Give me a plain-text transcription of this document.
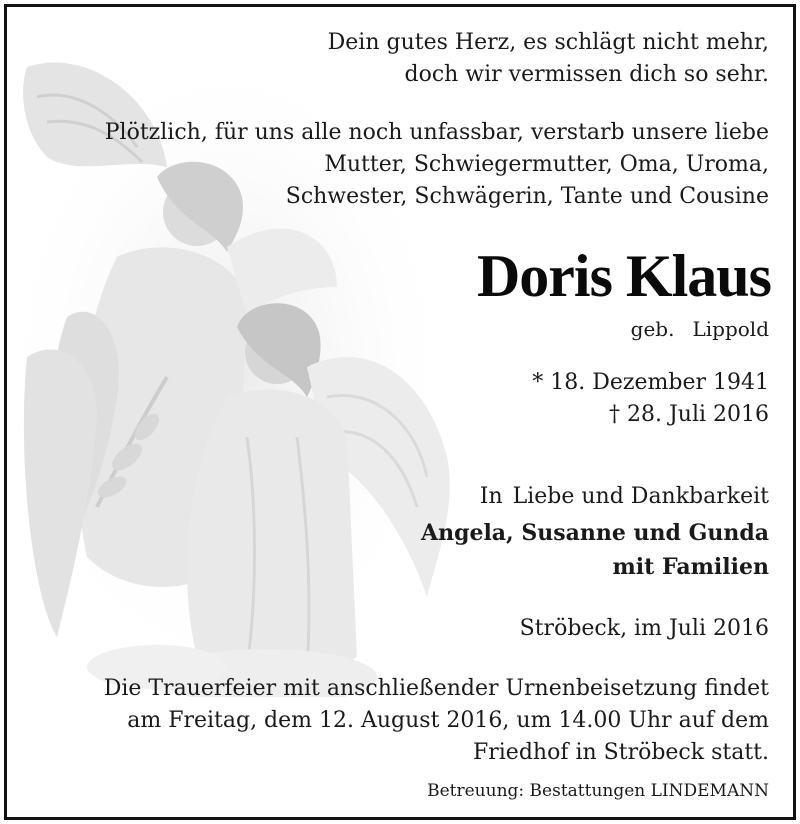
Dein gutes Herz, es schlägt nicht mehr,
doch wir vermissen dich so sehr.
Plötzlich, für uns alle noch unfassbar, verstarb unsere liebe
Mutter, Schwiegermutter, Oma, Uroma,
Schwester, Schwägerin, Tante und Cousine
Doris Klaus
geb. Lippold
* 18. Dezember 1941
† 28. Juli 2016
In Liebe und Dankbarkeit
Angela, Susanne und Gunda
mit Familien
Ströbeck, im Juli 2016
Die Trauerfeier mit anschließender Urnenbeisetzung findet
am Freitag, dem 12. August 2016, um 14.00 Uhr auf dem
Friedhof in Ströbeck statt.
Betreuung: Bestattungen LINDEMANN
